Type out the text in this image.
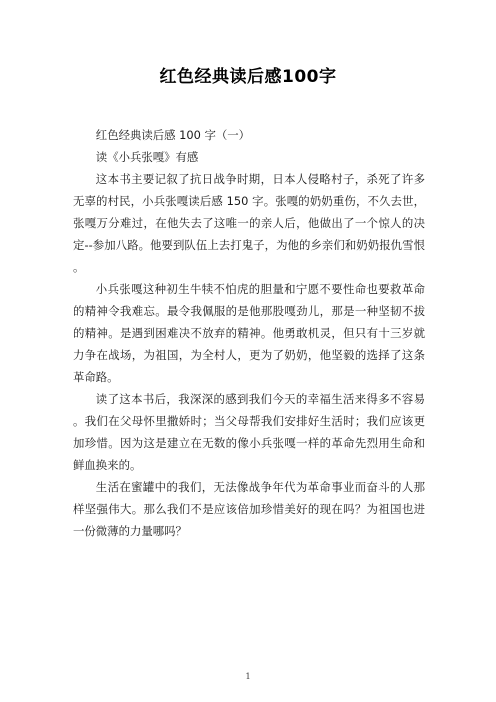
红色经典读后感100字

红色经典读后感 100 字（一）

读《小兵张嘎》有感

这本书主要记叙了抗日战争时期，日本人侵略村子，杀死了许多无辜的村民，小兵张嘎读后感 150 字。张嘎的奶奶重伤，不久去世，张嘎万分难过，在他失去了这唯一的亲人后，他做出了一个惊人的决定--参加八路。他要到队伍上去打鬼子，为他的乡亲们和奶奶报仇雪恨。

小兵张嘎这种初生牛犊不怕虎的胆量和宁愿不要性命也要救革命的精神令我难忘。最令我佩服的是他那股嘎劲儿，那是一种坚韧不拔的精神。是遇到困难决不放弃的精神。他勇敢机灵，但只有十三岁就力争在战场，为祖国，为全村人，更为了奶奶，他坚毅的选择了这条革命路。

读了这本书后，我深深的感到我们今天的幸福生活来得多不容易。我们在父母怀里撒娇时；当父母帮我们安排好生活时；我们应该更加珍惜。因为这是建立在无数的像小兵张嘎一样的革命先烈用生命和鲜血换来的。

生活在蜜罐中的我们，无法像战争年代为革命事业而奋斗的人那样坚强伟大。那么我们不是应该倍加珍惜美好的现在吗？为祖国也进一份微薄的力量哪吗？

1
